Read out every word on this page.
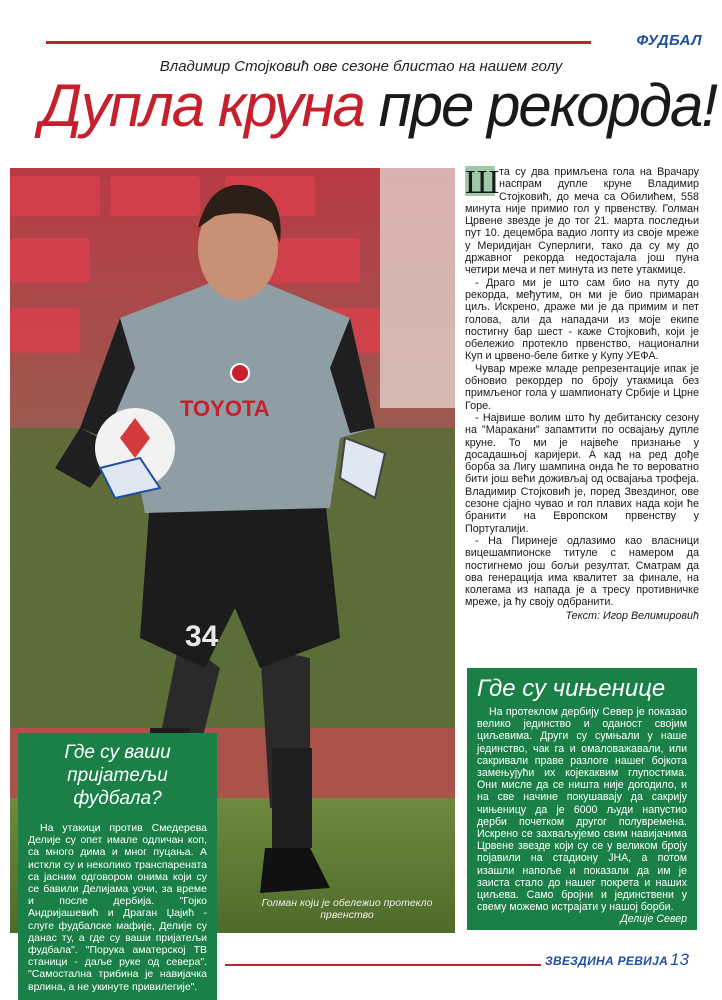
ФУДБАЛ
Владимир Стојковић ове сезоне блистао на нашем голу
Дупла круна пре рекорда!
34
TOYOTA
Голман који је обележио протекло првенство
Где су ваши
пријатељи фудбала?
На утакици против Смедерева Делије су опет имале одличан коп, са много дима и мног пуцања. А исткли су и неколико транспарената са јасним одговором онима који су се бавили Делијама уочи, за време и после дербија. "Гојко Андријашевић и Драган Џајић - слуге фудбалске мафије, Делије су данас ту, а где су ваши пријатељи фудбала". "Порука аматерској ТВ станици - даље руке од севера". "Самостална трибина је навијачка врлина, а не укинуте привилегије".

Ш та су два примљена гола на Врачару наспрам дупле круне Владимир Стојковић, до меча са Обилићем, 558 минута није примио гол у првенству. Голман Црвене звезде је до тог 21. марта последњи пут 10. децембра вадио лопту из своје мреже у Меридијан Суперлиги, тако да су му до државног рекорда недостајала још пуна четири меча и пет минута из пете утакмице.

- Драго ми је што сам био на путу до рекорда, међутим, он ми је био примаран циљ. Искрено, драже ми је да примим и пет голова, али да нападачи из моје екипе постигну бар шест - каже Стојковић, који је обележио протекло првенство, национални Куп и црвено-беле битке у Купу УЕФА.

Чувар мреже младе репрезентације ипак је обновио рекордер по броју утакмица без примљеног гола у шампионату Србије и Црне Горе.

- Највише волим што ћу дебитанску сезону на "Маракани" запамтити по освајању дупле круне. То ми је највеће признање у досадашњој каријери. А кад на ред дође борба за Лигу шампина онда ће то вероватно бити још већи доживљај од освајања трофеја. Владимир Стојковић је, поред Звездиног, ове сезоне сјајно чувао и гол плавих нада који ће бранити на Европском првенству у Португалији.

- На Пиринеје одлазимо као власници вицешампионске титуле с намером да постигнемо још бољи резултат. Сматрам да ова генерација има квалитет за финале, на колегама из напада је а тресу противничке мреже, ја ћу своју одбранити.

Текст: Игор Велимировић
Где су чињенице
На протеклом дербију Север је показао велико јединство и оданост својим циљевима. Други су сумњали у наше јединство, чак га и омаловажавали, или сакривали праве разлоге нашег бојкота замењујући их којекаквим глупостима. Они мисле да се ништа није догодило, и на све начине покушавају да сакрију чињеницу да је 6000 људи напустио дерби почетком другог полувремена. Искрено се захваљујемо свим навијачима Црвене звезде који су се у великом броју појавили на стадиону ЈНА, а потом изашли напоље и показали да им је заиста стало до нашег покрета и наших циљева. Само бројни и јединствени у свему можемо истрајати у нашој борби.
Делије Север
ЗВЕЗДИНА РЕВИЈА 13
